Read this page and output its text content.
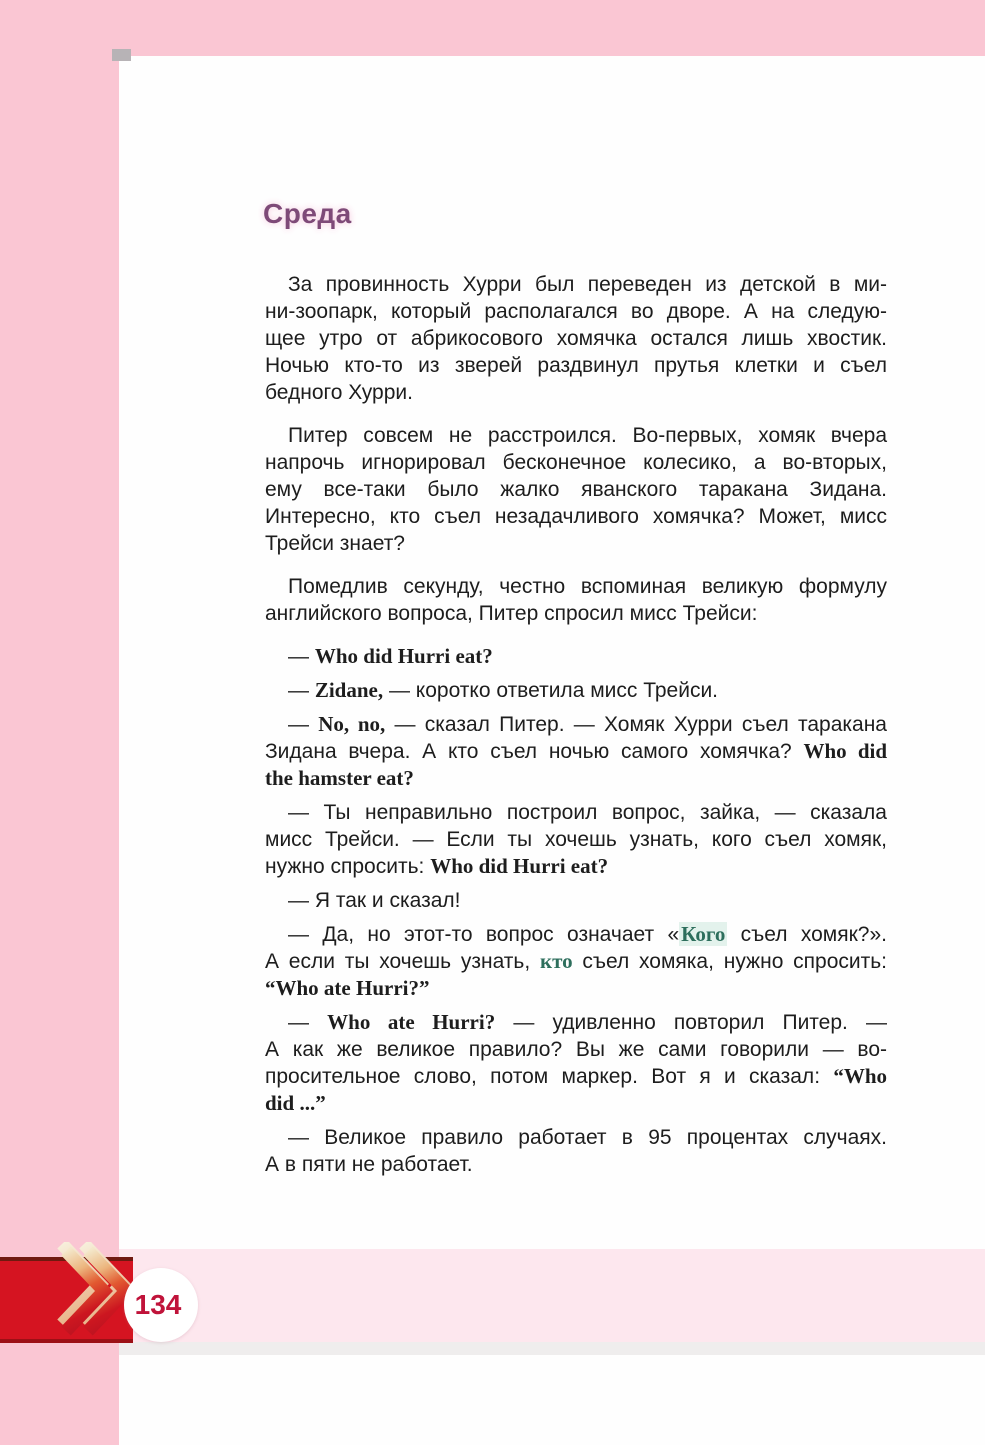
Среда
За провинность Хурри был переведен из детской в ми-
ни-зоопарк, который располагался во дворе. А на следую-
щее утро от абрикосового хомячка остался лишь хвостик.
Ночью кто-то из зверей раздвинул прутья клетки и съел
бедного Хурри.
Питер совсем не расстроился. Во-первых, хомяк вчера
напрочь игнорировал бесконечное колесико, а во-вторых,
ему все-таки было жалко яванского таракана Зидана.
Интересно, кто съел незадачливого хомячка? Может, мисс
Трейси знает?
Помедлив секунду, честно вспоминая великую формулу
английского вопроса, Питер спросил мисс Трейси:
— Who did Hurri eat?
— Zidane, — коротко ответила мисс Трейси.
— No, no, — сказал Питер. — Хомяк Хурри съел таракана
Зидана вчера. А кто съел ночью самого хомячка? Who did
the hamster eat?
— Ты неправильно построил вопрос, зайка, — сказала
мисс Трейси. — Если ты хочешь узнать, кого съел хомяк,
нужно спросить: Who did Hurri eat?
— Я так и сказал!
— Да, но этот-то вопрос означает «Кого съел хомяк?».
А если ты хочешь узнать, кто съел хомяка, нужно спросить:
“Who ate Hurri?”
— Who ate Hurri? — удивленно повторил Питер. —
А как же великое правило? Вы же сами говорили — во-
просительное слово, потом маркер. Вот я и сказал: “Who
did ...”
— Великое правило работает в 95 процентах случаях.
А в пяти не работает.
134
